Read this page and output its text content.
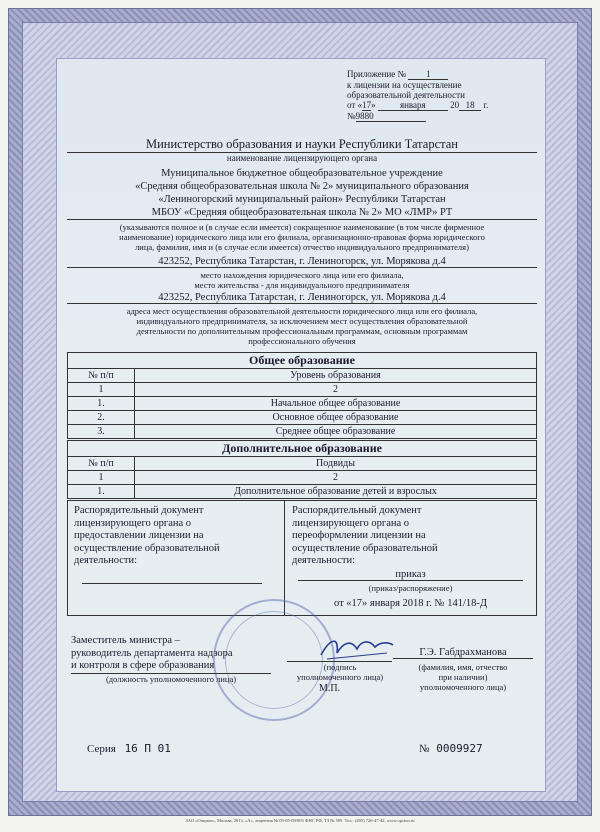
Приложение № 1
к лицензии на осуществление
образовательной деятельности
от «17»	января	20 18 г.
№9880
Министерство образования и науки Республики Татарстан
наименование лицензирующего органа
Муниципальное бюджетное общеобразовательное учреждение
«Средняя общеобразовательная школа № 2» муниципального образования
«Лениногорский муниципальный район» Республики Татарстан
МБОУ «Средняя общеобразовательная школа № 2» МО «ЛМР» РТ
(указываются полное и (в случае если имеется) сокращенное наименование (в том числе фирменное
наименование) юридического лица или его филиала, организационно-правовая форма юридического
лица, фамилия, имя и (в случае если имеется) отчество индивидуального предпринимателя)
423252, Республика Татарстан, г. Лениногорск, ул. Морякова д.4
место нахождения юридического лица или его филиала,
место жительства - для индивидуального предпринимателя
423252, Республика Татарстан, г. Лениногорск, ул. Морякова д.4
адреса мест осуществления образовательной деятельности юридического лица или его филиала,
индивидуального предпринимателя, за исключением мест осуществления образовательной
деятельности по дополнительным профессиональным программам, основным программам
профессионального обучения
Общее образование	
№ п/п	Уровень образования
1	2
1.	Начальное общее образование
2.	Основное общее образование
3.	Среднее общее образование
Дополнительное образование	
№ п/п	Подвиды
1	2
1.	Дополнительное образование детей и взрослых
Распорядительный документ
лицензирующего органа о
предоставлении лицензии на
осуществление образовательной
деятельности:
Распорядительный документ
лицензирующего органа о
переоформлении лицензии на
осуществление образовательной
деятельности:
приказ
(приказ/распоряжение)
от «17» января 2018 г. № 141/18-Д
Заместитель министра –
руководитель департамента надзора
и контроля в сфере образования
(должность уполномоченного лица)
(подпись
уполномоченного лица)
М.П.
Г.Э. Габдрахманова
(фамилия, имя, отчество
при наличии)
уполномоченного лица)
Серия 16 П 01	№ 0009927
ЗАО «Опцион», Москва, 2013, «А», лицензия № 05-05-09/003 ФНС РФ, ТЗ № 599. Тел.: (495) 726-47-42, www.opcion.ru
